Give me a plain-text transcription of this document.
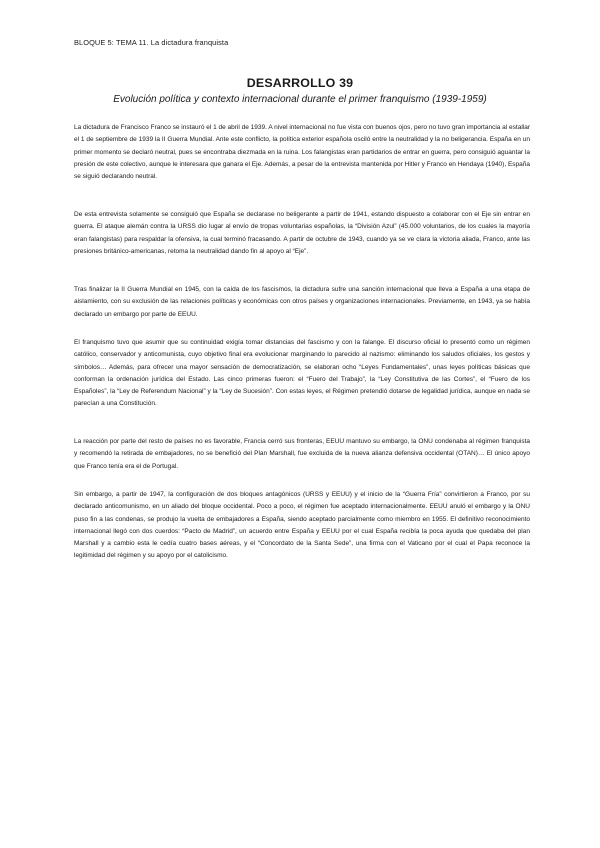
BLOQUE 5: TEMA 11. La dictadura franquista
DESARROLLO 39
Evolución política y contexto internacional durante el primer franquismo (1939-1959)

La dictadura de Francisco Franco se instauró el 1 de abril de 1939. A nivel internacional no fue vista con buenos ojos, pero no tuvo gran importancia al estallar el 1 de septiembre de 1939 la II Guerra Mundial. Ante este conflicto, la política exterior española osciló entre la neutralidad y la no beligerancia. España en un primer momento se declaró neutral, pues se encontraba diezmada en la ruina. Los falangistas eran partidarios de entrar en guerra, pero consiguió aguantar la presión de este colectivo, aunque le interesara que ganara el Eje. Además, a pesar de la entrevista mantenida por Hitler y Franco en Hendaya (1940), España se siguió declarando neutral.

De esta entrevista solamente se consiguió que España se declarase no beligerante a partir de 1941, estando dispuesto a colaborar con el Eje sin entrar en guerra. El ataque alemán contra la URSS dio lugar al envío de tropas voluntarias españolas, la “División Azul” (45.000 voluntarios, de los cuales la mayoría eran falangistas) para respaldar la ofensiva, la cual terminó fracasando. A partir de octubre de 1943, cuando ya se ve clara la victoria aliada, Franco, ante las presiones británico-americanas, retoma la neutralidad dando fin al apoyo al “Eje”.

Tras finalizar la II Guerra Mundial en 1945, con la caída de los fascismos, la dictadura sufre una sanción internacional que lleva a España a una etapa de aislamiento, con su exclusión de las relaciones políticas y económicas con otros países y organizaciones internacionales. Previamente, en 1943, ya se había declarado un embargo por parte de EEUU.

El franquismo tuvo que asumir que su continuidad exigía tomar distancias del fascismo y con la falange. El discurso oficial lo presentó como un régimen católico, conservador y anticomunista, cuyo objetivo final era evolucionar marginando lo parecido al nazismo: eliminando los saludos oficiales, los gestos y símbolos… Además, para ofrecer una mayor sensación de democratización, se elaboran ocho “Leyes Fundamentales”, unas leyes políticas básicas que conforman la ordenación jurídica del Estado. Las cinco primeras fueron: el “Fuero del Trabajo”, la “Ley Constitutiva de las Cortes”, el “Fuero de los Españoles”, la “Ley de Referendum Nacional” y la “Ley de Sucesión”. Con estas leyes, el Régimen pretendió dotarse de legalidad jurídica, aunque en nada se parecían a una Constitución.

La reacción por parte del resto de países no es favorable, Francia cerró sus fronteras, EEUU mantuvo su embargo, la ONU condenaba al régimen franquista y recomendó la retirada de embajadores, no se benefició del Plan Marshall, fue excluida de la nueva alianza defensiva occidental (OTAN)… El único apoyo que Franco tenía era el de Portugal.

Sin embargo, a partir de 1947, la configuración de dos bloques antagónicos (URSS y EEUU) y el inicio de la “Guerra Fría” convirtieron a Franco, por su declarado anticomunismo, en un aliado del bloque occidental. Poco a poco, el régimen fue aceptado internacionalmente. EEUU anuló el embargo y la ONU puso fin a las condenas, se produjo la vuelta de embajadores a España, siendo aceptado parcialmente como miembro en 1955. El definitivo reconocimiento internacional llegó con dos cuerdos: “Pacto de Madrid”, un acuerdo entre España y EEUU por el cual España recibía la poca ayuda que quedaba del plan Marshall y a cambio esta le cedía cuatro bases aéreas, y el “Concordato de la Santa Sede”, una firma con el Vaticano por el cual el Papa reconoce la legitimidad del régimen y su apoyo por el catolicismo.
